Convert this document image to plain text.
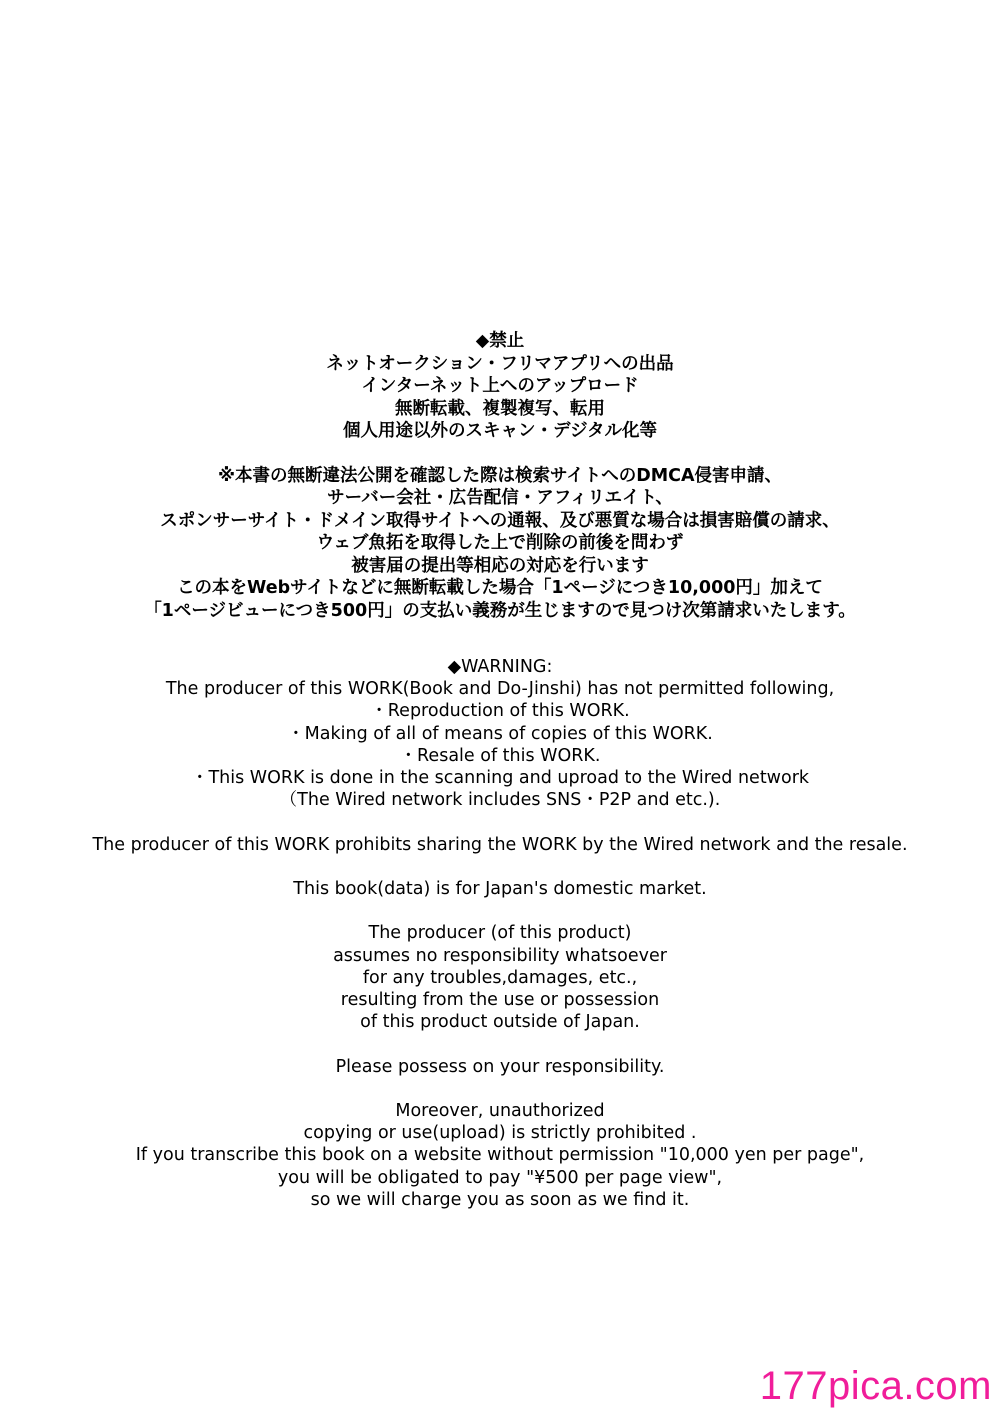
◆禁止
ネットオークション・フリマアプリへの出品
インターネット上へのアップロード
無断転載、複製複写、転用
個人用途以外のスキャン・デジタル化等
※本書の無断違法公開を確認した際は検索サイトへのDMCA侵害申請、
サーバー会社・広告配信・アフィリエイト、
スポンサーサイト・ドメイン取得サイトへの通報、及び悪質な場合は損害賠償の請求、
ウェブ魚拓を取得した上で削除の前後を問わず
被害届の提出等相応の対応を行います
この本をWebサイトなどに無断転載した場合「1ページにつき10,000円」加えて
「1ページビューにつき500円」の支払い義務が生じますので見つけ次第請求いたします。
◆WARNING:
The producer of this WORK(Book and Do-Jinshi) has not permitted following,
・Reproduction of this WORK.
・Making of all of means of copies of this WORK.
・Resale of this WORK.
・This WORK is done in the scanning and uproad to the Wired network
（The Wired network includes SNS・P2P and etc.).
The producer of this WORK prohibits sharing the WORK by the Wired network and the resale.
This book(data) is for Japan's domestic market.
The producer (of this product)
assumes no responsibility whatsoever
for any troubles,damages, etc.,
resulting from the use or possession
of this product outside of Japan.
Please possess on your responsibility.
Moreover, unauthorized
copying or use(upload) is strictly prohibited .
If you transcribe this book on a website without permission "10,000 yen per page",
you will be obligated to pay "¥500 per page view",
so we will charge you as soon as we find it.
177pica.com
